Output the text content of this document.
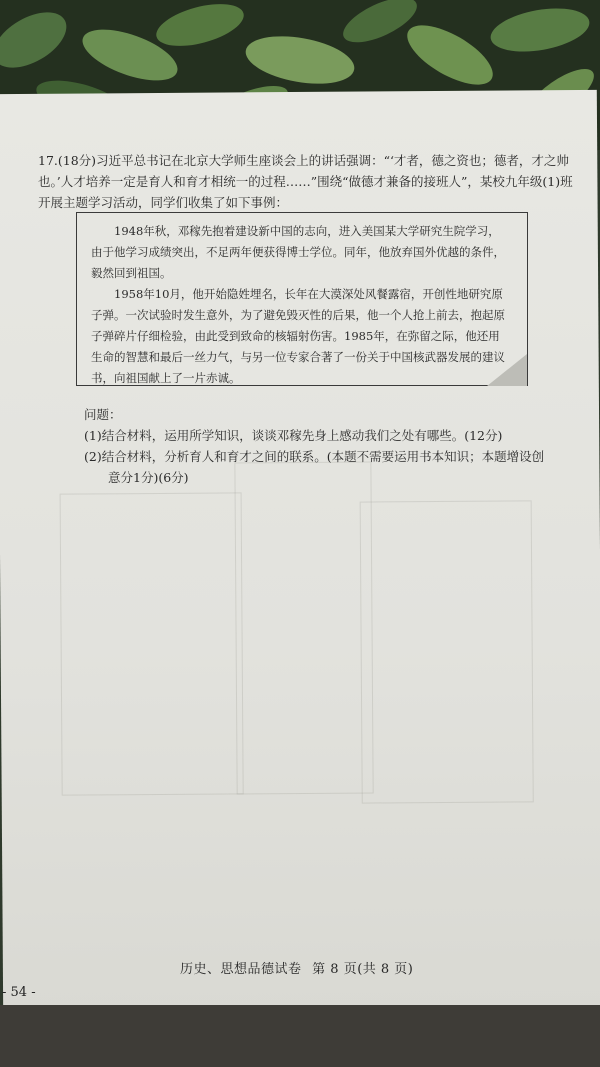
17.(18分)习近平总书记在北京大学师生座谈会上的讲话强调：“‘才者，德之资也；德者，才之帅也。’人才培养一定是育人和育才相统一的过程……”围绕“做德才兼备的接班人”，某校九年级(1)班开展主题学习活动，同学们收集了如下事例：

1948年秋，邓稼先抱着建设新中国的志向，进入美国某大学研究生院学习，由于他学习成绩突出，不足两年便获得博士学位。同年，他放弃国外优越的条件，毅然回到祖国。

1958年10月，他开始隐姓埋名，长年在大漠深处风餐露宿，开创性地研究原子弹。一次试验时发生意外，为了避免毁灭性的后果，他一个人抢上前去，抱起原子弹碎片仔细检验，由此受到致命的核辐射伤害。1985年，在弥留之际，他还用生命的智慧和最后一丝力气，与另一位专家合著了一份关于中国核武器发展的建议书，向祖国献上了一片赤诚。

问题：
(1)结合材料，运用所学知识，谈谈邓稼先身上感动我们之处有哪些。(12分)
(2)结合材料，分析育人和育才之间的联系。(本题不需要运用书本知识；本题增设创
意分1分)(6分)
历史、思想品德试卷 第 8 页(共 8 页)
- 54 -
